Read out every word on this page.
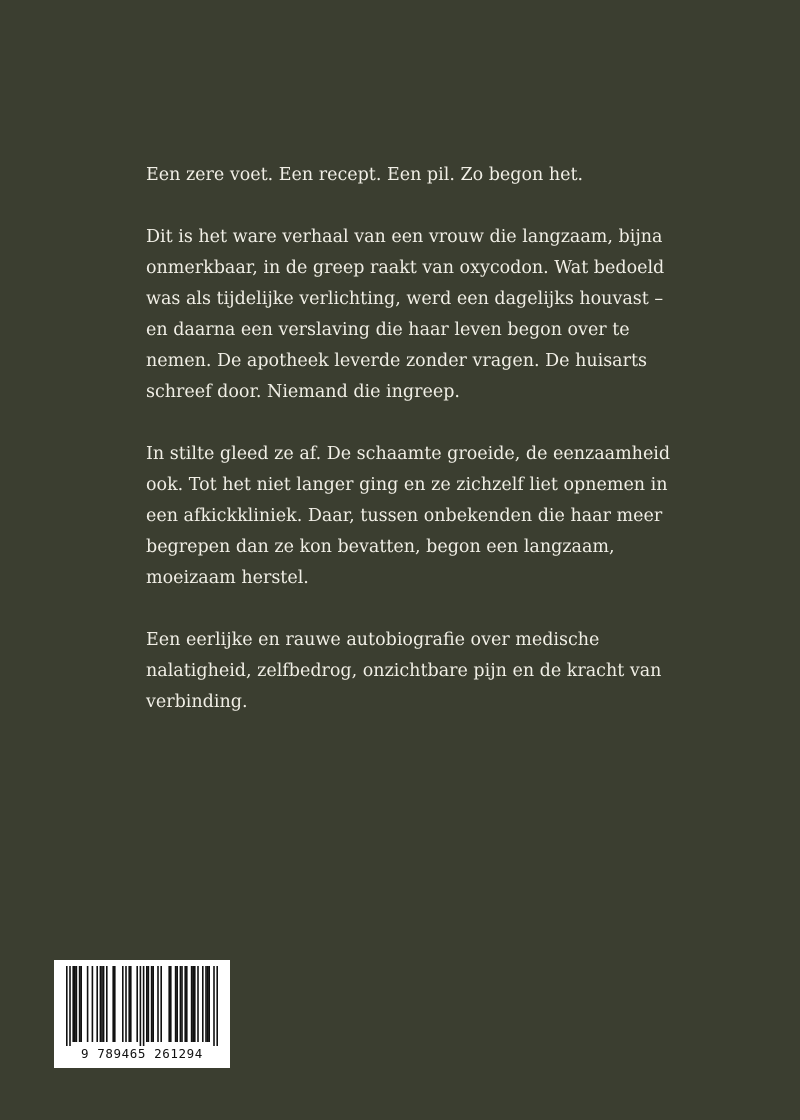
Een zere voet. Een recept. Een pil. Zo begon het.

Dit is het ware verhaal van een vrouw die langzaam, bijna onmerkbaar, in de greep raakt van oxycodon. Wat bedoeld was als tijdelijke verlichting, werd een dagelijks houvast – en daarna een verslaving die haar leven begon over te nemen. De apotheek leverde zonder vragen. De huisarts schreef door. Niemand die ingreep.

In stilte gleed ze af. De schaamte groeide, de eenzaamheid ook. Tot het niet langer ging en ze zichzelf liet opnemen in een afkickkliniek. Daar, tussen onbekenden die haar meer begrepen dan ze kon bevatten, begon een langzaam, moeizaam herstel.

Een eerlijke en rauwe autobiografie over medische nalatigheid, zelfbedrog, onzichtbare pijn en de kracht van verbinding.

9 789465 261294
